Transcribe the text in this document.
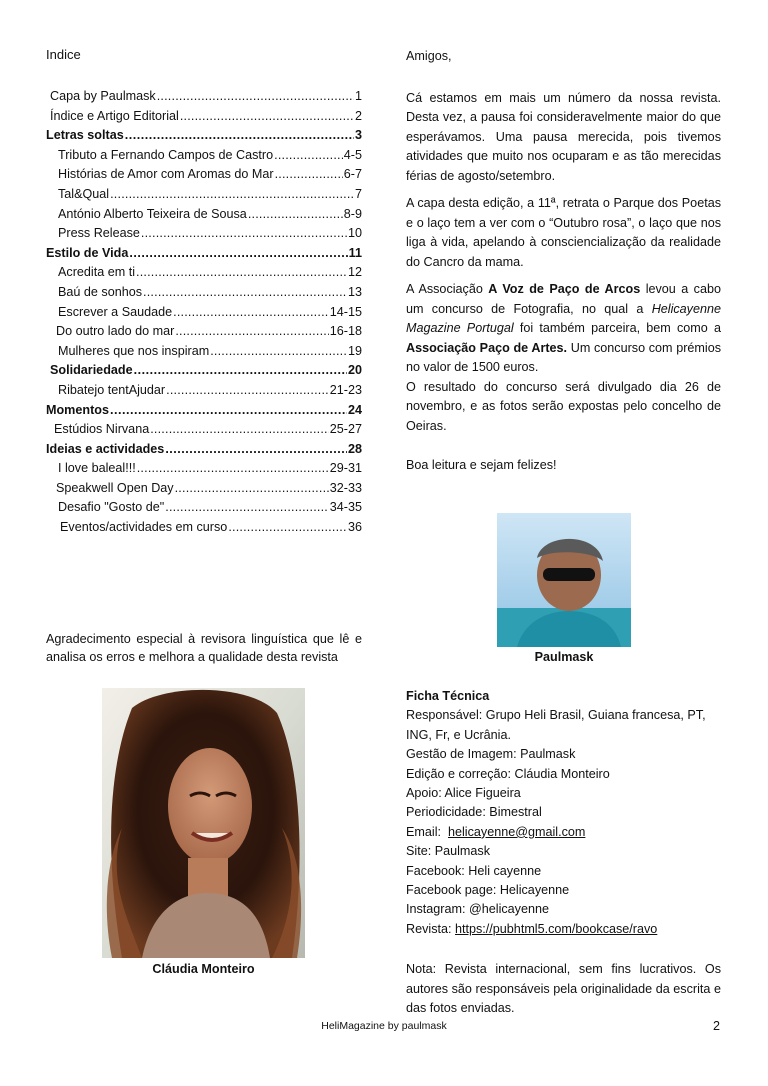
Indice
Capa by Paulmask .....	1
Índice e Artigo Editorial .....	2
Letras soltas .....	3
Tributo a Fernando Campos de Castro .....	4-5
Histórias de Amor com Aromas do Mar .....	6-7
Tal&Qual .....	7
António Alberto Teixeira de Sousa .....	8-9
Press Release .....	10
Estilo de Vida .....	11
Acredita em ti .....	12
Baú de sonhos .....	13
Escrever a Saudade .....	14-15
Do outro lado do mar .....	16-18
Mulheres que nos inspiram .....	19
Solidariedade .....	20
Ribatejo tentAjudar .....	21-23
Momentos .....	24
Estúdios Nirvana .....	25-27
Ideias e actividades .....	28
I love baleal!!! .....	29-31
Speakwell Open Day .....	32-33
Desafio "Gosto de" .....	34-35
Eventos/actividades em curso .....	36
Agradecimento especial à revisora linguística que lê e analisa os erros e melhora a qualidade desta revista
Cláudia Monteiro

Amigos,

Cá estamos em mais um número da nossa revista. Desta vez, a pausa foi consideravelmente maior do que esperávamos. Uma pausa merecida, pois tivemos atividades que muito nos ocuparam e as tão merecidas férias de agosto/setembro.

A capa desta edição, a 11ª, retrata o Parque dos Poetas e o laço tem a ver com o “Outubro rosa”, o laço que nos liga à vida, apelando à consciencialização da realidade do Cancro da mama.

A Associação A Voz de Paço de Arcos levou a cabo um concurso de Fotografia, no qual a Helicayenne Magazine Portugal foi também parceira, bem como a Associação Paço de Artes. Um concurso com prémios no valor de 1500 euros.

O resultado do concurso será divulgado dia 26 de novembro, e as fotos serão expostas pelo concelho de Oeiras.

Boa leitura e sejam felizes!

Paulmask
Ficha Técnica
Responsável: Grupo Heli Brasil, Guiana francesa, PT, ING, Fr, e Ucrânia.
Gestão de Imagem: Paulmask
Edição e correção: Cláudia Monteiro
Apoio: Alice Figueira
Periodicidade: Bimestral
Email:  helicayenne@gmail.com
Site: Paulmask
Facebook: Heli cayenne
Facebook page: Helicayenne
Instagram: @helicayenne
Revista: https://pubhtml5.com/bookcase/ravo
Nota: Revista internacional, sem fins lucrativos. Os autores são responsáveis pela originalidade da escrita e das fotos enviadas.
HeliMagazine by paulmask	2
